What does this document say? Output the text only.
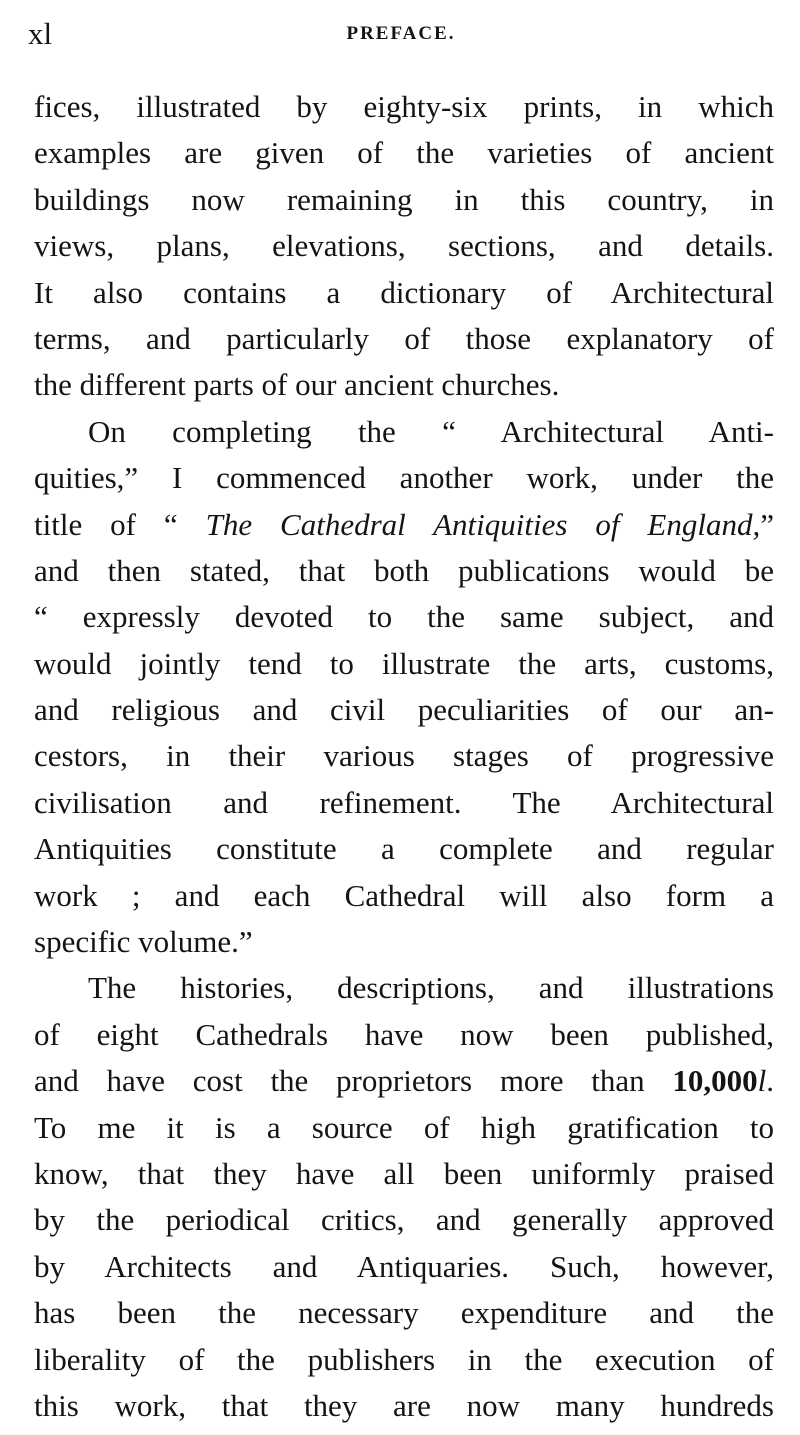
xl	PREFACE.
fices, illustrated by eighty-six prints, in which
examples are given of the varieties of ancient
buildings now remaining in this country, in
views, plans, elevations, sections, and details.
It also contains a dictionary of Architectural
terms, and particularly of those explanatory of
the different parts of our ancient churches.
On completing the “ Architectural Anti-
quities,” I commenced another work, under the
title of “ The Cathedral Antiquities of England,”
and then stated, that both publications would be
“ expressly devoted to the same subject, and
would jointly tend to illustrate the arts, customs,
and religious and civil peculiarities of our an-
cestors, in their various stages of progressive
civilisation and refinement. The Architectural
Antiquities constitute a complete and regular
work ; and each Cathedral will also form a
specific volume.”
The histories, descriptions, and illustrations
of eight Cathedrals have now been published,
and have cost the proprietors more than 10,000l.
To me it is a source of high gratification to
know, that they have all been uniformly praised
by the periodical critics, and generally approved
by Architects and Antiquaries. Such, however,
has been the necessary expenditure and the
liberality of the publishers in the execution of
this work, that they are now many hundreds
